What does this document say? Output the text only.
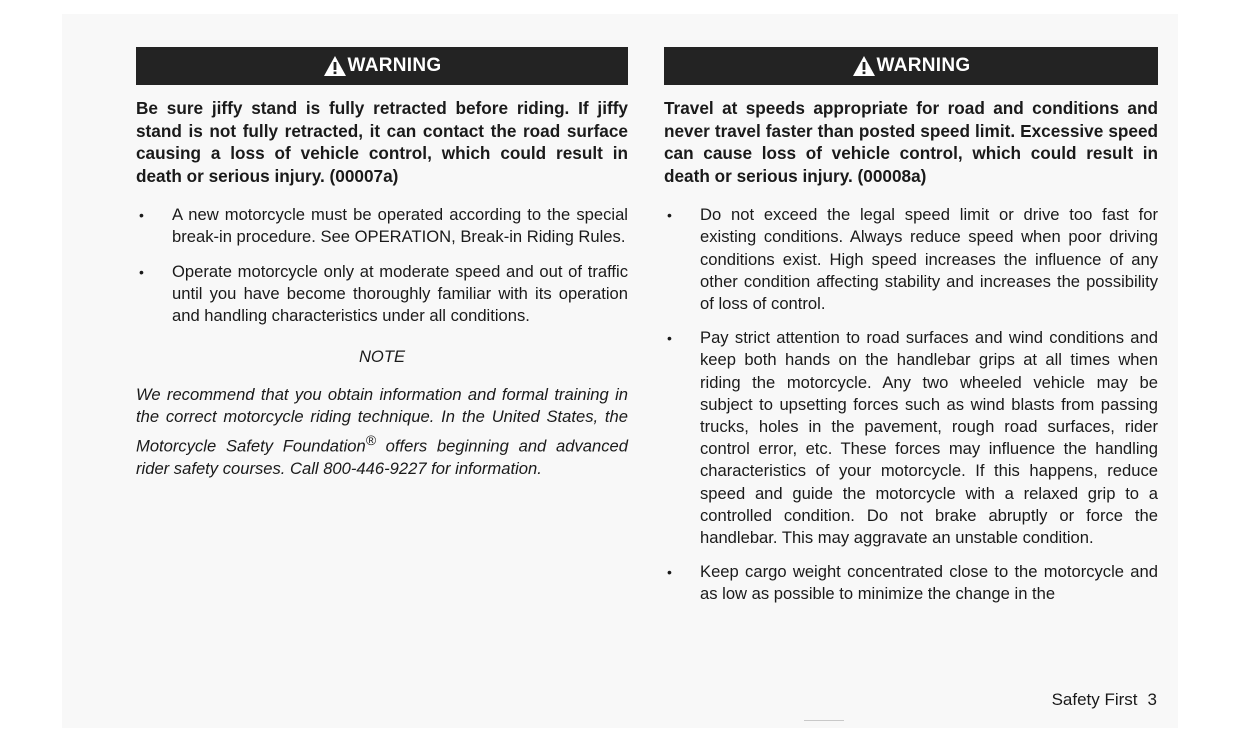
WARNING

Be sure jiffy stand is fully retracted before riding. If jiffy stand is not fully retracted, it can contact the road surface causing a loss of vehicle control, which could result in death or serious injury. (00007a)

• A new motorcycle must be operated according to the special break-in procedure. See OPERATION, Break-in Riding Rules.
• Operate motorcycle only at moderate speed and out of traffic until you have become thoroughly familiar with its operation and handling characteristics under all conditions.
NOTE

We recommend that you obtain information and formal training in the correct motorcycle riding technique. In the United States, the Motorcycle Safety Foundation® offers beginning and advanced rider safety courses. Call 800-446-9227 for information.

WARNING

Travel at speeds appropriate for road and conditions and never travel faster than posted speed limit. Excessive speed can cause loss of vehicle control, which could result in death or serious injury. (00008a)

• Do not exceed the legal speed limit or drive too fast for existing conditions. Always reduce speed when poor driving conditions exist. High speed increases the influence of any other condition affecting stability and increases the possibility of loss of control.
• Pay strict attention to road surfaces and wind conditions and keep both hands on the handlebar grips at all times when riding the motorcycle. Any two wheeled vehicle may be subject to upsetting forces such as wind blasts from passing trucks, holes in the pavement, rough road surfaces, rider control error, etc. These forces may influence the handling characteristics of your motorcycle. If this happens, reduce speed and guide the motorcycle with a relaxed grip to a controlled condition. Do not brake abruptly or force the handlebar. This may aggravate an unstable condition.
• Keep cargo weight concentrated close to the motorcycle and as low as possible to minimize the change in the
Safety First 3
